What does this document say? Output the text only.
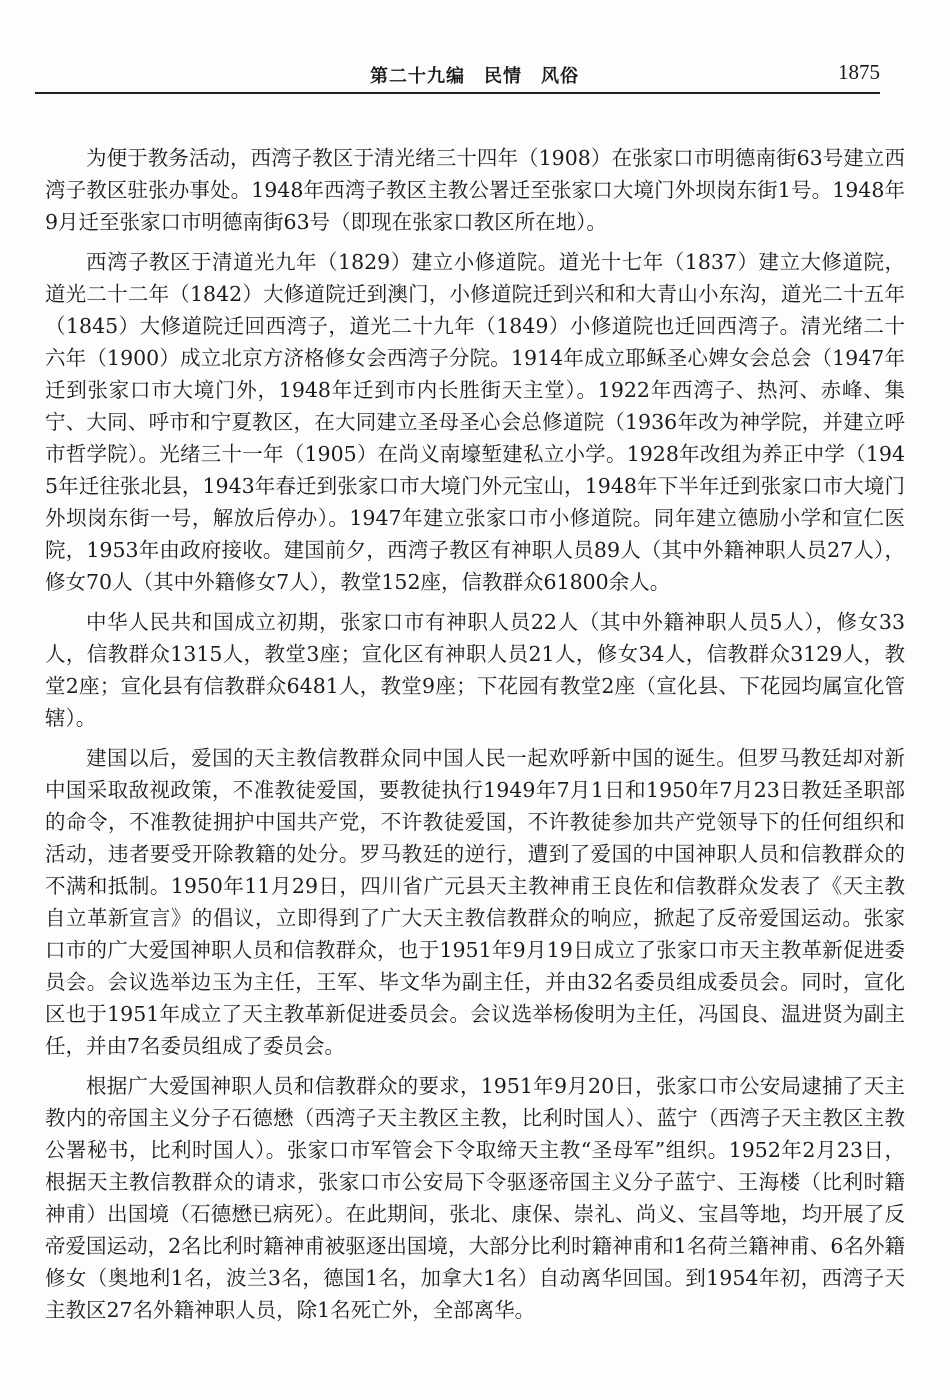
第二十九编　民情　风俗	1875

为便于教务活动，西湾子教区于清光绪三十四年（1908）在张家口市明德南街63号建立西湾子教区驻张办事处。1948年西湾子教区主教公署迁至张家口大境门外坝岗东街1号。1948年9月迁至张家口市明德南街63号（即现在张家口教区所在地）。

西湾子教区于清道光九年（1829）建立小修道院。道光十七年（1837）建立大修道院，道光二十二年（1842）大修道院迁到澳门，小修道院迁到兴和和大青山小东沟，道光二十五年（1845）大修道院迁回西湾子，道光二十九年（1849）小修道院也迁回西湾子。清光绪二十六年（1900）成立北京方济格修女会西湾子分院。1914年成立耶稣圣心婢女会总会（1947年迁到张家口市大境门外，1948年迁到市内长胜街天主堂）。1922年西湾子、热河、赤峰、集宁、大同、呼市和宁夏教区，在大同建立圣母圣心会总修道院（1936年改为神学院，并建立呼市哲学院）。光绪三十一年（1905）在尚义南壕堑建私立小学。1928年改组为养正中学（1945年迁往张北县，1943年春迁到张家口市大境门外元宝山，1948年下半年迁到张家口市大境门外坝岗东街一号，解放后停办）。1947年建立张家口市小修道院。同年建立德励小学和宣仁医院，1953年由政府接收。建国前夕，西湾子教区有神职人员89人（其中外籍神职人员27人），修女70人（其中外籍修女7人），教堂152座，信教群众61800余人。

中华人民共和国成立初期，张家口市有神职人员22人（其中外籍神职人员5人），修女33人，信教群众1315人，教堂3座；宣化区有神职人员21人，修女34人，信教群众3129人，教堂2座；宣化县有信教群众6481人，教堂9座；下花园有教堂2座（宣化县、下花园均属宣化管辖）。

建国以后，爱国的天主教信教群众同中国人民一起欢呼新中国的诞生。但罗马教廷却对新中国采取敌视政策，不准教徒爱国，要教徒执行1949年7月1日和1950年7月23日教廷圣职部的命令，不准教徒拥护中国共产党，不许教徒爱国，不许教徒参加共产党领导下的任何组织和活动，违者要受开除教籍的处分。罗马教廷的逆行，遭到了爱国的中国神职人员和信教群众的不满和抵制。1950年11月29日，四川省广元县天主教神甫王良佐和信教群众发表了《天主教自立革新宣言》的倡议，立即得到了广大天主教信教群众的响应，掀起了反帝爱国运动。张家口市的广大爱国神职人员和信教群众，也于1951年9月19日成立了张家口市天主教革新促进委员会。会议选举边玉为主任，王军、毕文华为副主任，并由32名委员组成委员会。同时，宣化区也于1951年成立了天主教革新促进委员会。会议选举杨俊明为主任，冯国良、温进贤为副主任，并由7名委员组成了委员会。

根据广大爱国神职人员和信教群众的要求，1951年9月20日，张家口市公安局逮捕了天主教内的帝国主义分子石德懋（西湾子天主教区主教，比利时国人）、蓝宁（西湾子天主教区主教公署秘书，比利时国人）。张家口市军管会下令取缔天主教“圣母军”组织。1952年2月23日，根据天主教信教群众的请求，张家口市公安局下令驱逐帝国主义分子蓝宁、王海楼（比利时籍神甫）出国境（石德懋已病死）。在此期间，张北、康保、崇礼、尚义、宝昌等地，均开展了反帝爱国运动，2名比利时籍神甫被驱逐出国境，大部分比利时籍神甫和1名荷兰籍神甫、6名外籍修女（奥地利1名，波兰3名，德国1名，加拿大1名）自动离华回国。到1954年初，西湾子天主教区27名外籍神职人员，除1名死亡外，全部离华。
